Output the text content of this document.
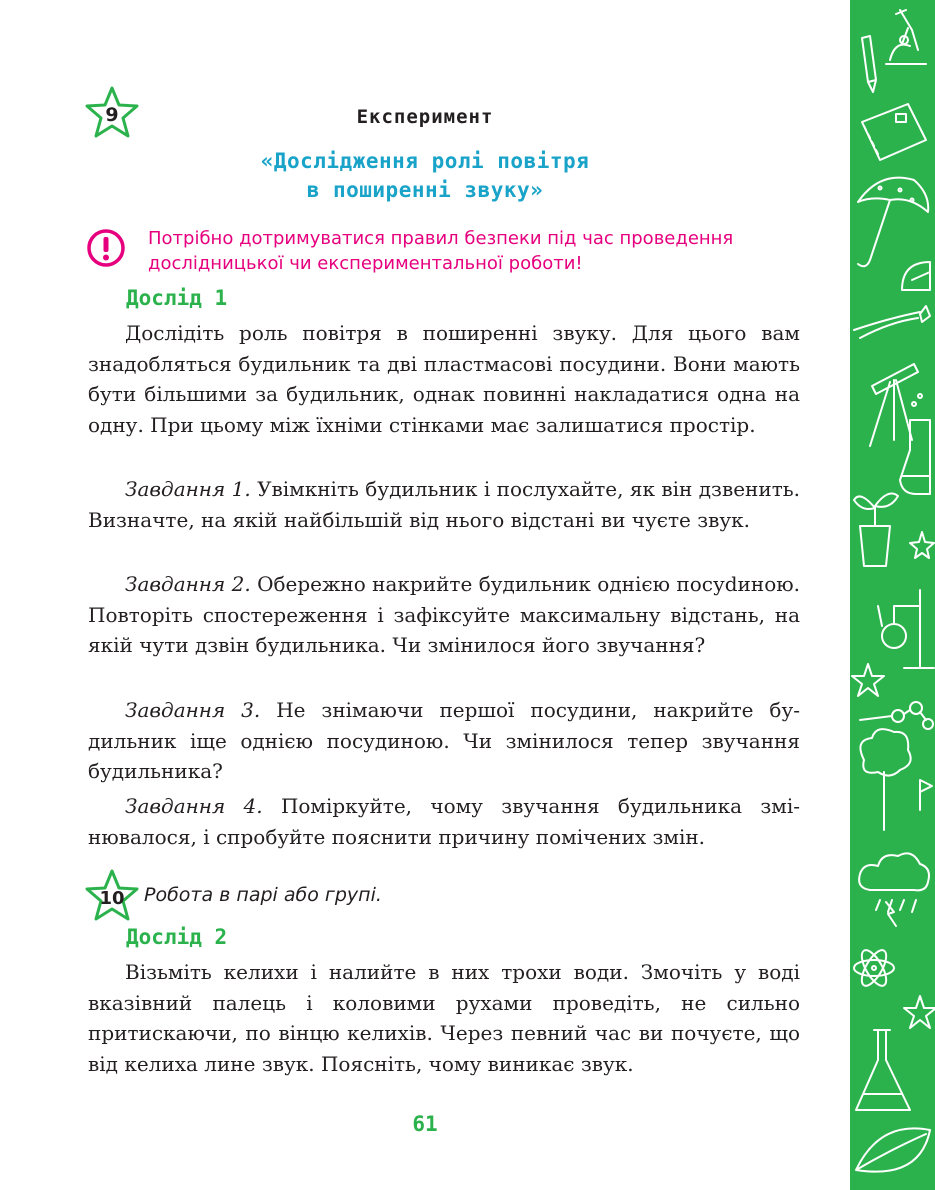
9	Експеримент
«Дослідження ролі повітря
в поширенні звуку»
Потрібно дотримуватися правил безпеки під час проведення дослідницької чи експериментальної роботи!
Дослід 1
Дослідіть роль повітря в поширенні звуку. Для цього вам знадобляться будильник та дві пластмасові посудини. Вони мають бути більшими за будильник, однак повинні накладатися одна на одну. При цьому між їхніми стінками має залишатися простір.
Завдання 1. Увімкніть будильник і послухайте, як він дзвенить. Визначте, на якій найбільшій від нього відстані ви чуєте звук.
Завдання 2. Обережно накрийте будильник однією посуdиною. Повторіть спостереження і зафіксуйте максимальну відстань, на якій чути дзвін будильника. Чи змінилося його звучання?
Завдання 3. Не знімаючи першої посудини, накрийте будильник іще однією посудиною. Чи змінилося тепер звучання будильника?
Завдання 4. Поміркуйте, чому звучання будильника змінювалося, і спробуйте пояснити причину помічених змін.
10	Робота в парі або групі.
Дослід 2
Візьміть келихи і налийте в них трохи води. Змочіть у воді вказівний палець і коловими рухами проведіть, не сильно притискаючи, по вінцю келихів. Через певний час ви почуєте, що від келиха лине звук. Поясніть, чому виникає звук.
61
